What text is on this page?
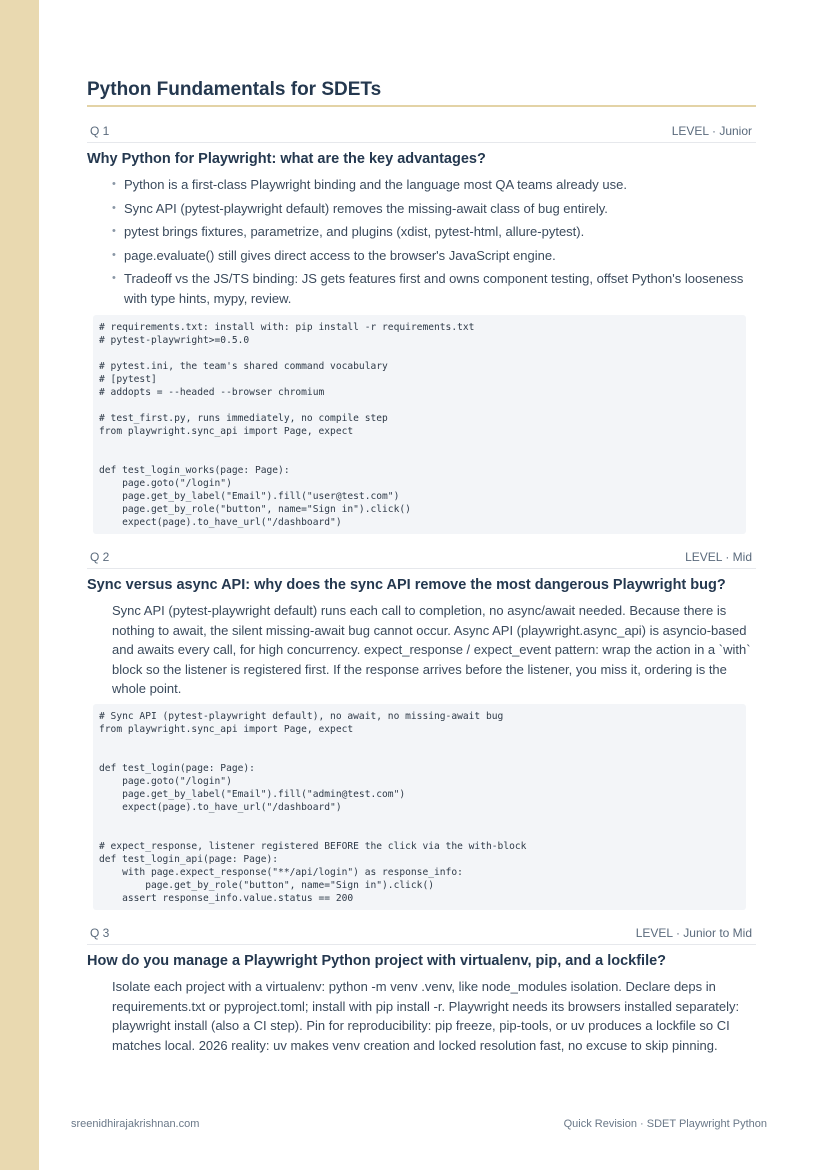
Python Fundamentals for SDETs
Q 1	LEVEL · Junior
Why Python for Playwright: what are the key advantages?
• Python is a first-class Playwright binding and the language most QA teams already use.
• Sync API (pytest-playwright default) removes the missing-await class of bug entirely.
• pytest brings fixtures, parametrize, and plugins (xdist, pytest-html, allure-pytest).
• page.evaluate() still gives direct access to the browser's JavaScript engine.
• Tradeoff vs the JS/TS binding: JS gets features first and owns component testing, offset Python's looseness with type hints, mypy, review.
# requirements.txt: install with: pip install -r requirements.txt
# pytest-playwright>=0.5.0

# pytest.ini, the team's shared command vocabulary
# [pytest]
# addopts = --headed --browser chromium

# test_first.py, runs immediately, no compile step
from playwright.sync_api import Page, expect

def test_login_works(page: Page):
page.goto("/login")
page.get_by_label("Email").fill("user@test.com")
page.get_by_role("button", name="Sign in").click()
expect(page).to_have_url("/dashboard")
Q 2	LEVEL · Mid
Sync versus async API: why does the sync API remove the most dangerous Playwright bug?

Sync API (pytest-playwright default) runs each call to completion, no async/await needed. Because there is nothing to await, the silent missing-await bug cannot occur. Async API (playwright.async_api) is asyncio-based and awaits every call, for high concurrency. expect_response / expect_event pattern: wrap the action in a `with` block so the listener is registered first. If the response arrives before the listener, you miss it, ordering is the whole point.

# Sync API (pytest-playwright default), no await, no missing-await bug
from playwright.sync_api import Page, expect

def test_login(page: Page):
page.goto("/login")
page.get_by_label("Email").fill("admin@test.com")
expect(page).to_have_url("/dashboard")

# expect_response, listener registered BEFORE the click via the with-block
def test_login_api(page: Page):
with page.expect_response("**/api/login") as response_info:
page.get_by_role("button", name="Sign in").click()
assert response_info.value.status == 200
Q 3	LEVEL · Junior to Mid
How do you manage a Playwright Python project with virtualenv, pip, and a lockfile?

Isolate each project with a virtualenv: python -m venv .venv, like node_modules isolation. Declare deps in requirements.txt or pyproject.toml; install with pip install -r. Playwright needs its browsers installed separately: playwright install (also a CI step). Pin for reproducibility: pip freeze, pip-tools, or uv produces a lockfile so CI matches local. 2026 reality: uv makes venv creation and locked resolution fast, no excuse to skip pinning.

sreenidhirajakrishnan.com	Quick Revision · SDET Playwright Python
